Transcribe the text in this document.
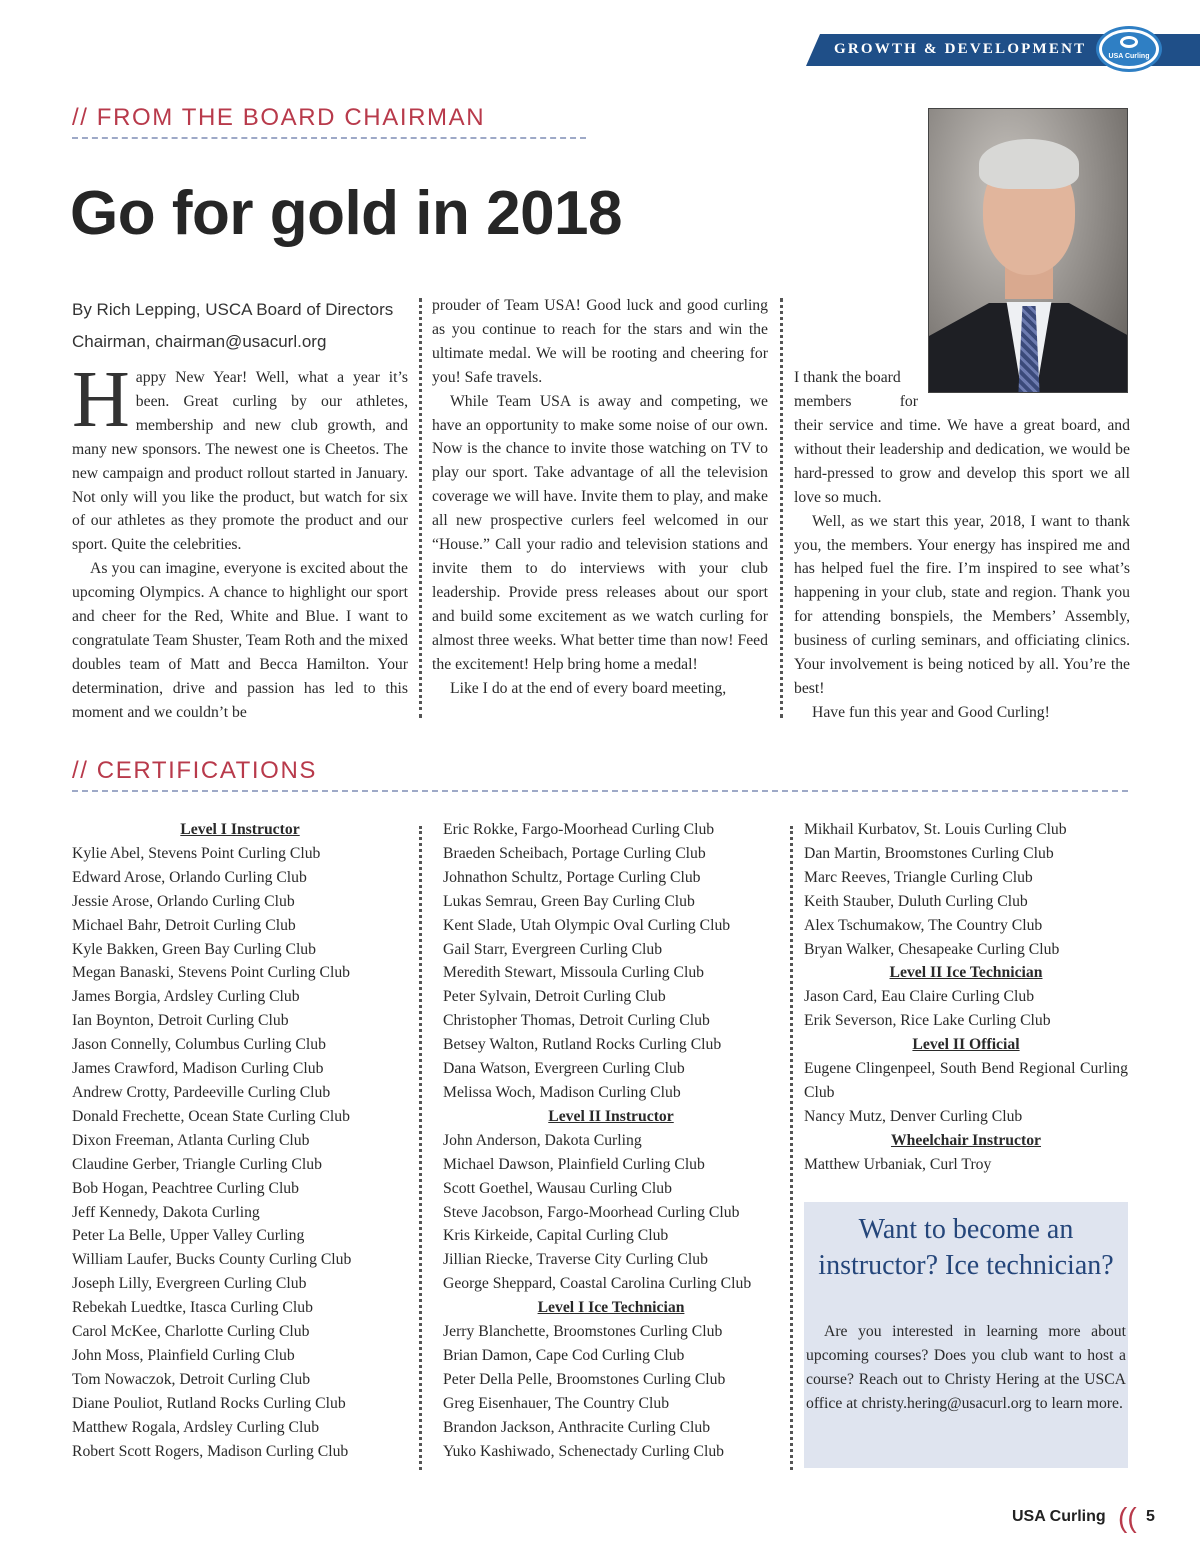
GROWTH & DEVELOPMENT	USA Curling
// FROM THE BOARD CHAIRMAN
Go for gold in 2018
By Rich Lepping, USCA Board of Directors
Chairman, chairman@usacurl.org

Happy New Year! Well, what a year it’s been. Great curling by our athletes, membership and new club growth, and many new sponsors. The newest one is Cheetos. The new campaign and product rollout started in January. Not only will you like the product, but watch for six of our athletes as they promote the product and our sport. Quite the celebrities.

As you can imagine, everyone is excited about the upcoming Olympics. A chance to highlight our sport and cheer for the Red, White and Blue. I want to congratulate Team Shuster, Team Roth and the mixed doubles team of Matt and Becca Hamilton. Your determination, drive and passion has led to this moment and we couldn’t be

prouder of Team USA! Good luck and good curling as you continue to reach for the stars and win the ultimate medal. We will be rooting and cheering for you! Safe travels.

While Team USA is away and competing, we have an opportunity to make some noise of our own. Now is the chance to invite those watching on TV to play our sport. Take advantage of all the television coverage we will have. Invite them to play, and make all new prospective curlers feel welcomed in our “House.” Call your radio and television stations and invite them to do interviews with your club leadership. Provide press releases about our sport and build some excitement as we watch curling for almost three weeks. What better time than now! Feed the excitement! Help bring home a medal!

Like I do at the end of every board meeting,

I thank the board
members for

their service and time. We have a great board, and without their leadership and dedication, we would be hard-pressed to grow and develop this sport we all love so much.

Well, as we start this year, 2018, I want to thank you, the members. Your energy has inspired me and has helped fuel the fire. I’m inspired to see what’s happening in your club, state and region. Thank you for attending bonspiels, the Members’ Assembly, business of curling seminars, and officiating clinics. Your involvement is being noticed by all. You’re the best!

Have fun this year and Good Curling!

// CERTIFICATIONS
Level I Instructor
Kylie Abel, Stevens Point Curling Club
Edward Arose, Orlando Curling Club
Jessie Arose, Orlando Curling Club
Michael Bahr, Detroit Curling Club
Kyle Bakken, Green Bay Curling Club
Megan Banaski, Stevens Point Curling Club
James Borgia, Ardsley Curling Club
Ian Boynton, Detroit Curling Club
Jason Connelly, Columbus Curling Club
James Crawford, Madison Curling Club
Andrew Crotty, Pardeeville Curling Club
Donald Frechette, Ocean State Curling Club
Dixon Freeman, Atlanta Curling Club
Claudine Gerber, Triangle Curling Club
Bob Hogan, Peachtree Curling Club
Jeff Kennedy, Dakota Curling
Peter La Belle, Upper Valley Curling
William Laufer, Bucks County Curling Club
Joseph Lilly, Evergreen Curling Club
Rebekah Luedtke, Itasca Curling Club
Carol McKee, Charlotte Curling Club
John Moss, Plainfield Curling Club
Tom Nowaczok, Detroit Curling Club
Diane Pouliot, Rutland Rocks Curling Club
Matthew Rogala, Ardsley Curling Club
Robert Scott Rogers, Madison Curling Club
Eric Rokke, Fargo-Moorhead Curling Club
Braeden Scheibach, Portage Curling Club
Johnathon Schultz, Portage Curling Club
Lukas Semrau, Green Bay Curling Club
Kent Slade, Utah Olympic Oval Curling Club
Gail Starr, Evergreen Curling Club
Meredith Stewart, Missoula Curling Club
Peter Sylvain, Detroit Curling Club
Christopher Thomas, Detroit Curling Club
Betsey Walton, Rutland Rocks Curling Club
Dana Watson, Evergreen Curling Club
Melissa Woch, Madison Curling Club
Level II Instructor
John Anderson, Dakota Curling
Michael Dawson, Plainfield Curling Club
Scott Goethel, Wausau Curling Club
Steve Jacobson, Fargo-Moorhead Curling Club
Kris Kirkeide, Capital Curling Club
Jillian Riecke, Traverse City Curling Club
George Sheppard, Coastal Carolina Curling Club
Level I Ice Technician
Jerry Blanchette, Broomstones Curling Club
Brian Damon, Cape Cod Curling Club
Peter Della Pelle, Broomstones Curling Club
Greg Eisenhauer, The Country Club
Brandon Jackson, Anthracite Curling Club
Yuko Kashiwado, Schenectady Curling Club
Mikhail Kurbatov, St. Louis Curling Club
Dan Martin, Broomstones Curling Club
Marc Reeves, Triangle Curling Club
Keith Stauber, Duluth Curling Club
Alex Tschumakow, The Country Club
Bryan Walker, Chesapeake Curling Club
Level II Ice Technician
Jason Card, Eau Claire Curling Club
Erik Severson, Rice Lake Curling Club
Level II Official
Eugene Clingenpeel, South Bend Regional Curling Club
Nancy Mutz, Denver Curling Club
Wheelchair Instructor
Matthew Urbaniak, Curl Troy
Want to become an instructor? Ice technician?
Are you interested in learning more about upcoming courses? Does you club want to host a course? Reach out to Christy Hering at the USCA office at christy.hering@usacurl.org to learn more.
USA Curling (( 5
